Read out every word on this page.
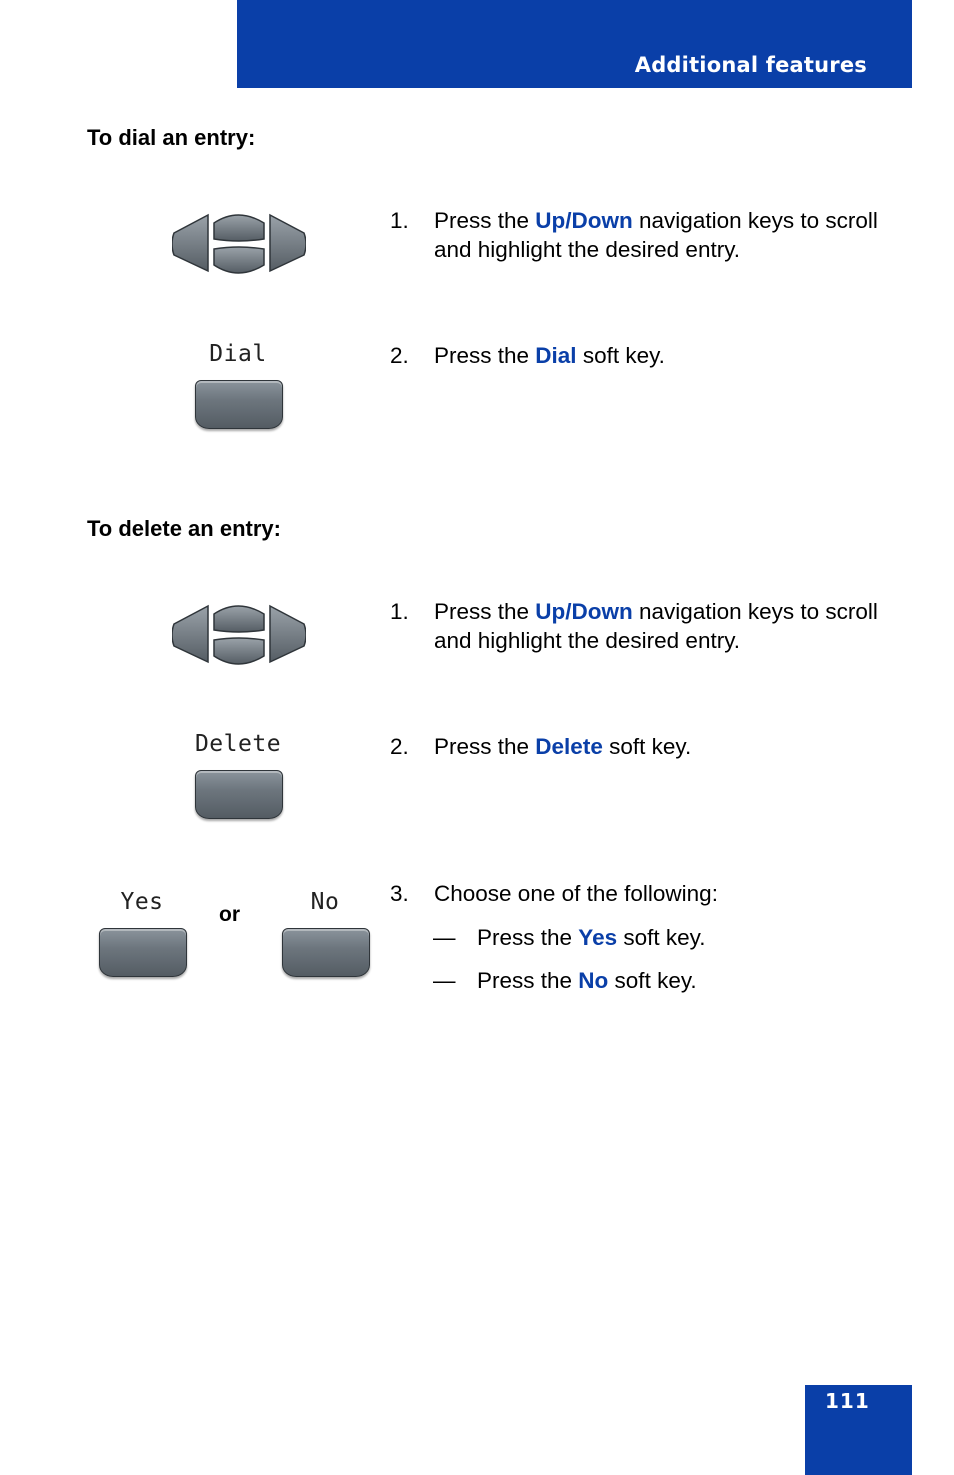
Additional features
To dial an entry:
1. Press the Up/Down navigation keys to scroll and highlight the desired entry.
Dial	2. Press the Dial soft key.
To delete an entry:
1. Press the Up/Down navigation keys to scroll and highlight the desired entry.
Delete	2. Press the Delete soft key.
Yes	or	No	3. Choose one of the following:
— Press the Yes soft key.
— Press the No soft key.
111
